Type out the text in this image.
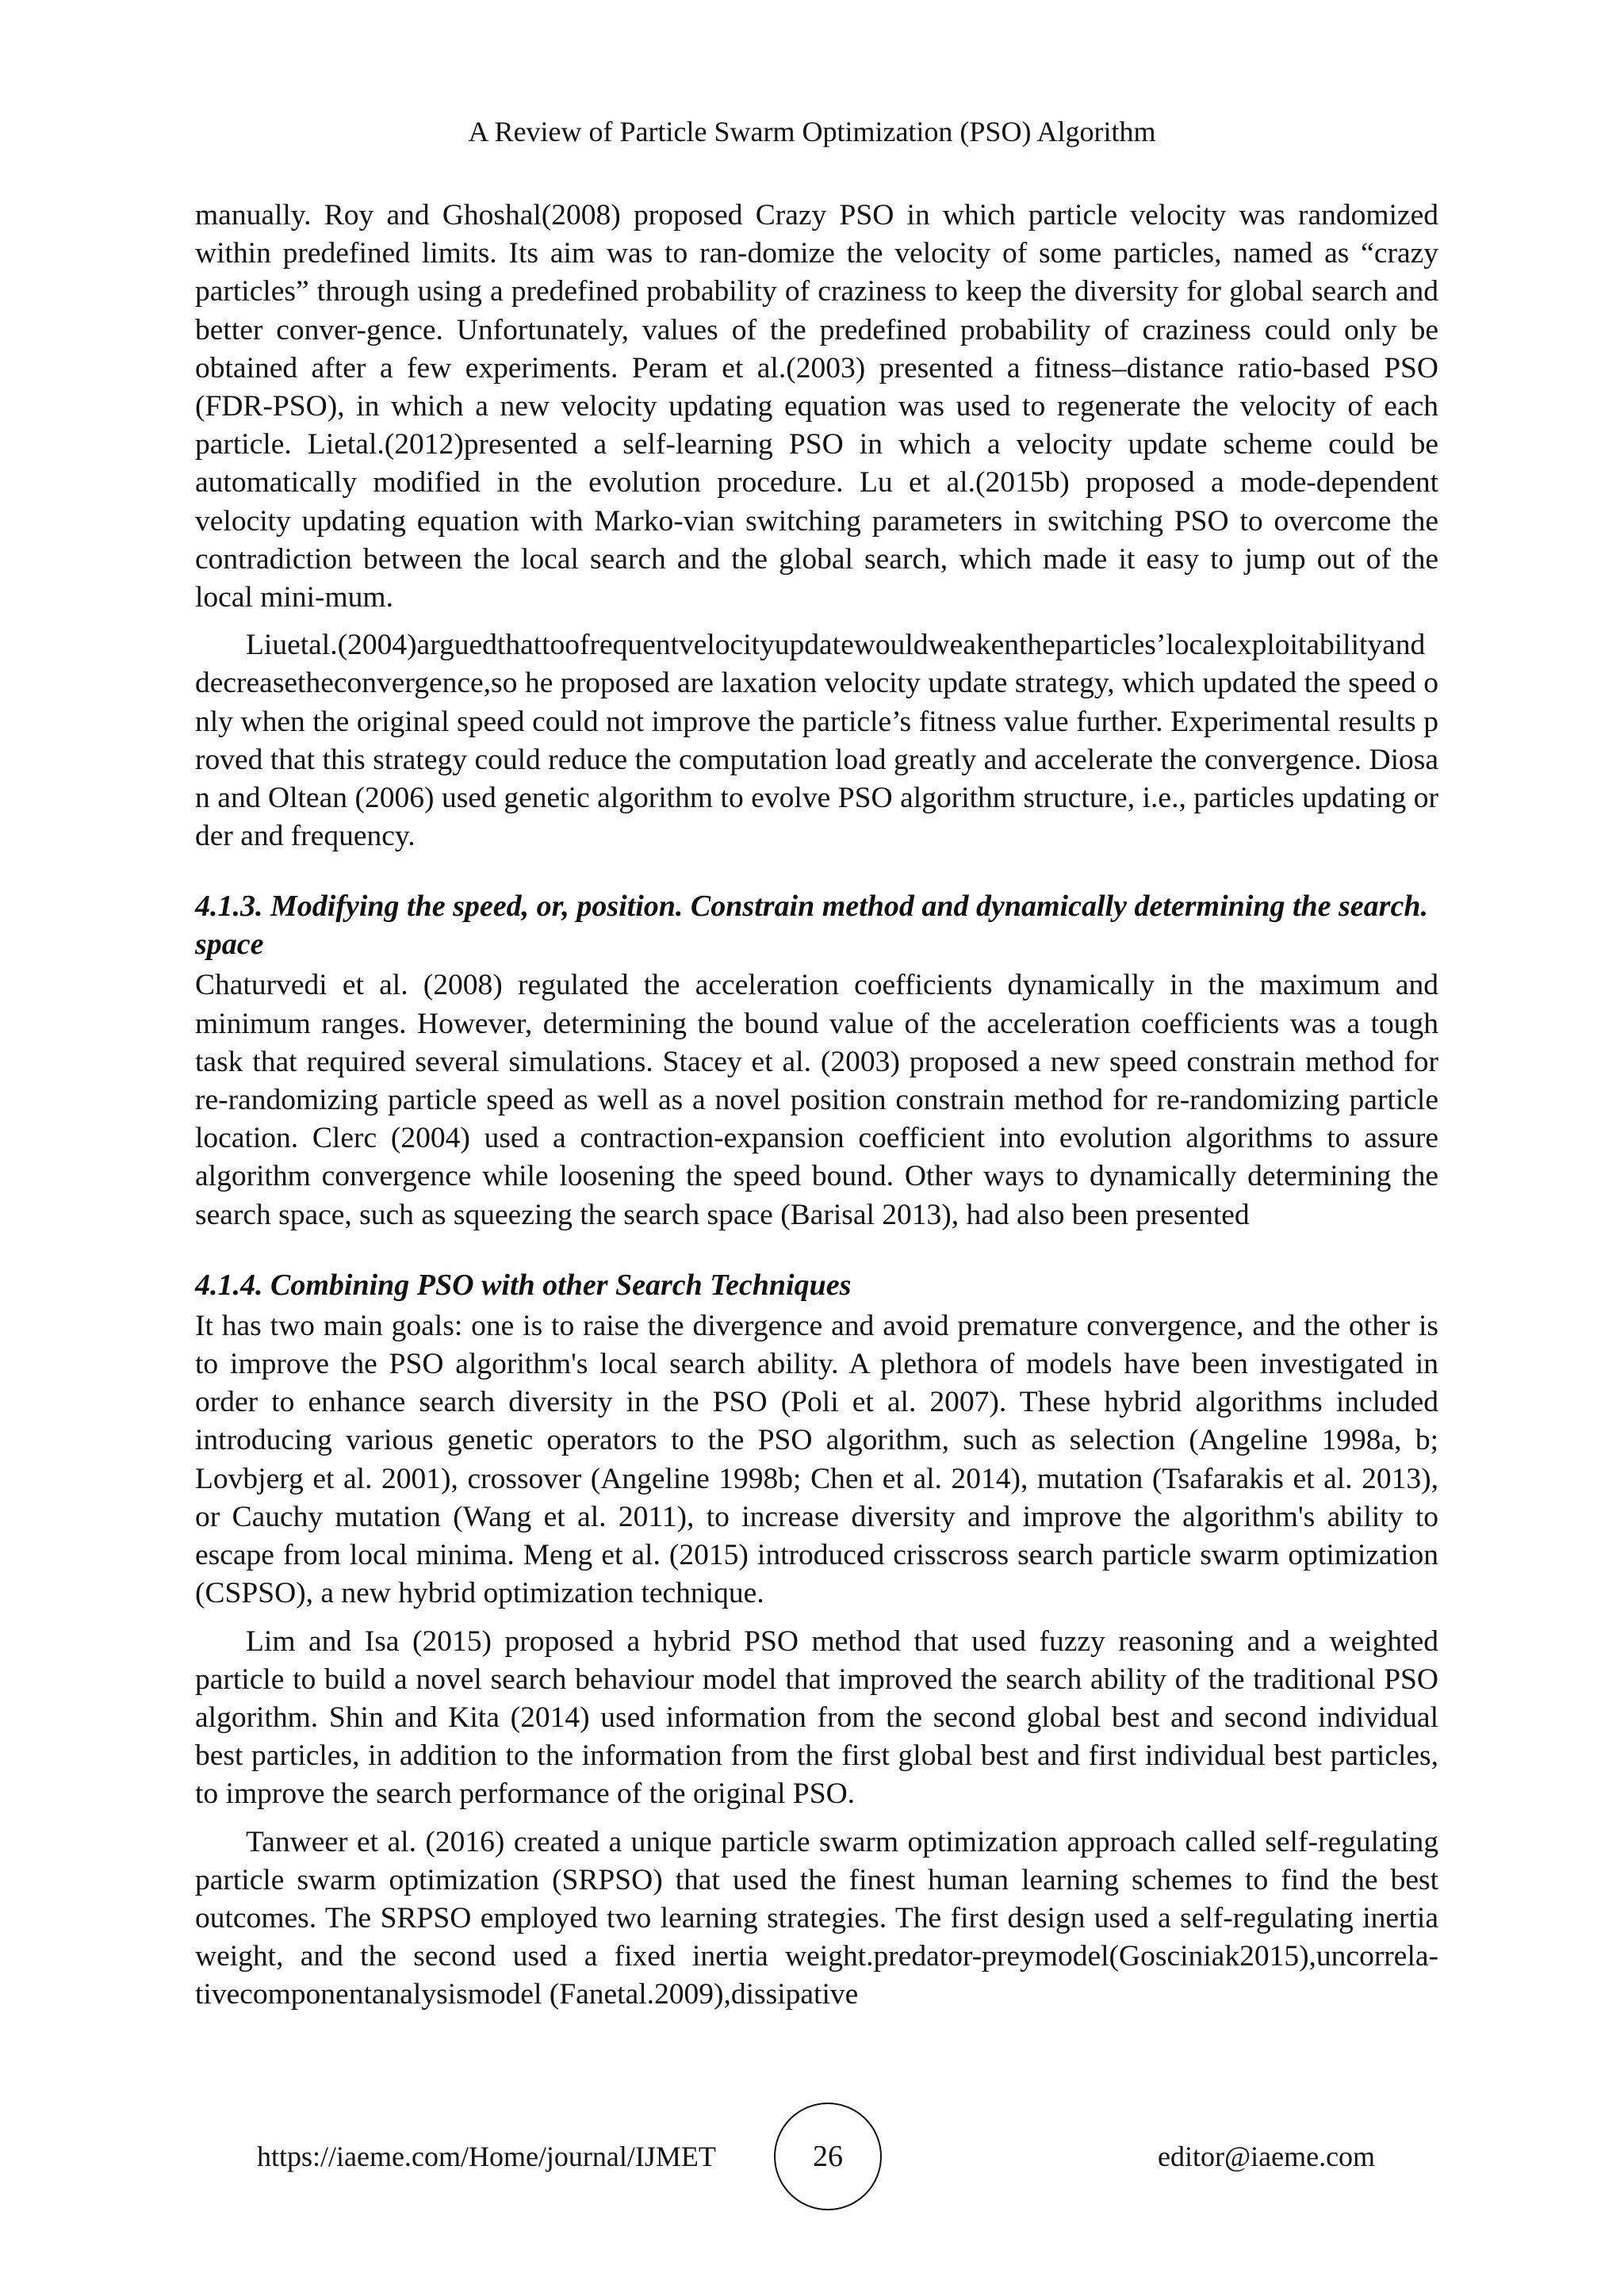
A Review of Particle Swarm Optimization (PSO) Algorithm

manually. Roy and Ghoshal(2008) proposed Crazy PSO in which particle velocity was randomized within predefined limits. Its aim was to ran-domize the velocity of some particles, named as “crazy particles” through using a predefined probability of craziness to keep the diversity for global search and better conver-gence. Unfortunately, values of the predefined probability of craziness could only be obtained after a few experiments. Peram et al.(2003) presented a fitness–distance ratio-based PSO (FDR-PSO), in which a new velocity updating equation was used to regenerate the velocity of each particle. Lietal.(2012)presented a self-learning PSO in which a velocity update scheme could be automatically modified in the evolution procedure. Lu et al.(2015b) proposed a mode-dependent velocity updating equation with Marko-vian switching parameters in switching PSO to overcome the contradiction between the local search and the global search, which made it easy to jump out of the local mini-mum.

Liuetal.(2004)arguedthattoofrequentvelocityupdatewouldweakentheparticles’localexploitabilityanddecreasetheconvergence,so he proposed are laxation velocity update strategy, which updated the speed only when the original speed could not improve the particle’s fitness value further. Experimental results proved that this strategy could reduce the computation load greatly and accelerate the convergence. Diosan and Oltean (2006) used genetic algorithm to evolve PSO algorithm structure, i.e., particles updating order and frequency.

4.1.3. Modifying the speed, or, position. Constrain method and dynamically determining the search. space

Chaturvedi et al. (2008) regulated the acceleration coefficients dynamically in the maximum and minimum ranges. However, determining the bound value of the acceleration coefficients was a tough task that required several simulations. Stacey et al. (2003) proposed a new speed constrain method for re-randomizing particle speed as well as a novel position constrain method for re-randomizing particle location. Clerc (2004) used a contraction-expansion coefficient into evolution algorithms to assure algorithm convergence while loosening the speed bound. Other ways to dynamically determining the search space, such as squeezing the search space (Barisal 2013), had also been presented

4.1.4. Combining PSO with other Search Techniques

It has two main goals: one is to raise the divergence and avoid premature convergence, and the other is to improve the PSO algorithm's local search ability. A plethora of models have been investigated in order to enhance search diversity in the PSO (Poli et al. 2007). These hybrid algorithms included introducing various genetic operators to the PSO algorithm, such as selection (Angeline 1998a, b; Lovbjerg et al. 2001), crossover (Angeline 1998b; Chen et al. 2014), mutation (Tsafarakis et al. 2013), or Cauchy mutation (Wang et al. 2011), to increase diversity and improve the algorithm's ability to escape from local minima. Meng et al. (2015) introduced crisscross search particle swarm optimization (CSPSO), a new hybrid optimization technique.

Lim and Isa (2015) proposed a hybrid PSO method that used fuzzy reasoning and a weighted particle to build a novel search behaviour model that improved the search ability of the traditional PSO algorithm. Shin and Kita (2014) used information from the second global best and second individual best particles, in addition to the information from the first global best and first individual best particles, to improve the search performance of the original PSO.

Tanweer et al. (2016) created a unique particle swarm optimization approach called self-regulating particle swarm optimization (SRPSO) that used the finest human learning schemes to find the best outcomes. The SRPSO employed two learning strategies. The first design used a self-regulating inertia weight, and the second used a fixed inertia weight.predator-preymodel(Gosciniak2015),uncorrela-tivecomponentanalysismodel (Fanetal.2009),dissipative

https://iaeme.com/Home/journal/IJMET	26	editor@iaeme.com
